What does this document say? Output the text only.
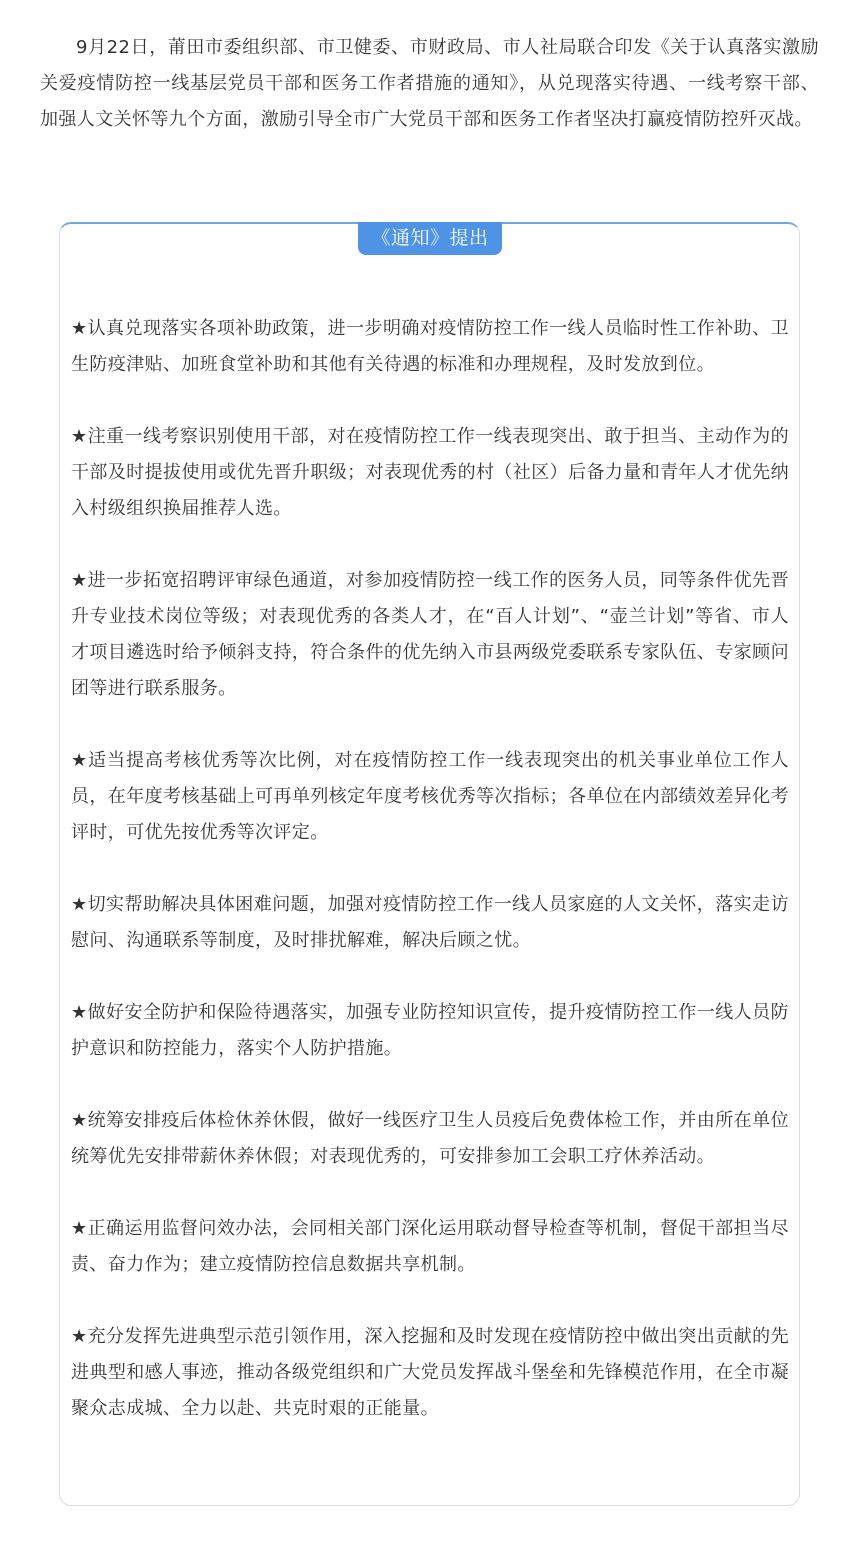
9月22日，莆田市委组织部、市卫健委、市财政局、市人社局联合印发《关于认真落实激励关爱疫情防控一线基层党员干部和医务工作者措施的通知》，从兑现落实待遇、一线考察干部、加强人文关怀等九个方面，激励引导全市广大党员干部和医务工作者坚决打赢疫情防控歼灭战。

《通知》提出
★认真兑现落实各项补助政策，进一步明确对疫情防控工作一线人员临时性工作补助、卫生防疫津贴、加班食堂补助和其他有关待遇的标准和办理规程，及时发放到位。
★注重一线考察识别使用干部，对在疫情防控工作一线表现突出、敢于担当、主动作为的干部及时提拔使用或优先晋升职级；对表现优秀的村（社区）后备力量和青年人才优先纳入村级组织换届推荐人选。
★进一步拓宽招聘评审绿色通道，对参加疫情防控一线工作的医务人员，同等条件优先晋升专业技术岗位等级；对表现优秀的各类人才，在“百人计划”、“壶兰计划”等省、市人才项目遴选时给予倾斜支持，符合条件的优先纳入市县两级党委联系专家队伍、专家顾问团等进行联系服务。
★适当提高考核优秀等次比例，对在疫情防控工作一线表现突出的机关事业单位工作人员，在年度考核基础上可再单列核定年度考核优秀等次指标；各单位在内部绩效差异化考评时，可优先按优秀等次评定。
★切实帮助解决具体困难问题，加强对疫情防控工作一线人员家庭的人文关怀，落实走访慰问、沟通联系等制度，及时排扰解难，解决后顾之忧。
★做好安全防护和保险待遇落实，加强专业防控知识宣传，提升疫情防控工作一线人员防护意识和防控能力，落实个人防护措施。
★统筹安排疫后体检休养休假，做好一线医疗卫生人员疫后免费体检工作，并由所在单位统筹优先安排带薪休养休假；对表现优秀的，可安排参加工会职工疗休养活动。
★正确运用监督问效办法，会同相关部门深化运用联动督导检查等机制，督促干部担当尽责、奋力作为；建立疫情防控信息数据共享机制。
★充分发挥先进典型示范引领作用，深入挖掘和及时发现在疫情防控中做出突出贡献的先进典型和感人事迹，推动各级党组织和广大党员发挥战斗堡垒和先锋模范作用，在全市凝聚众志成城、全力以赴、共克时艰的正能量。
